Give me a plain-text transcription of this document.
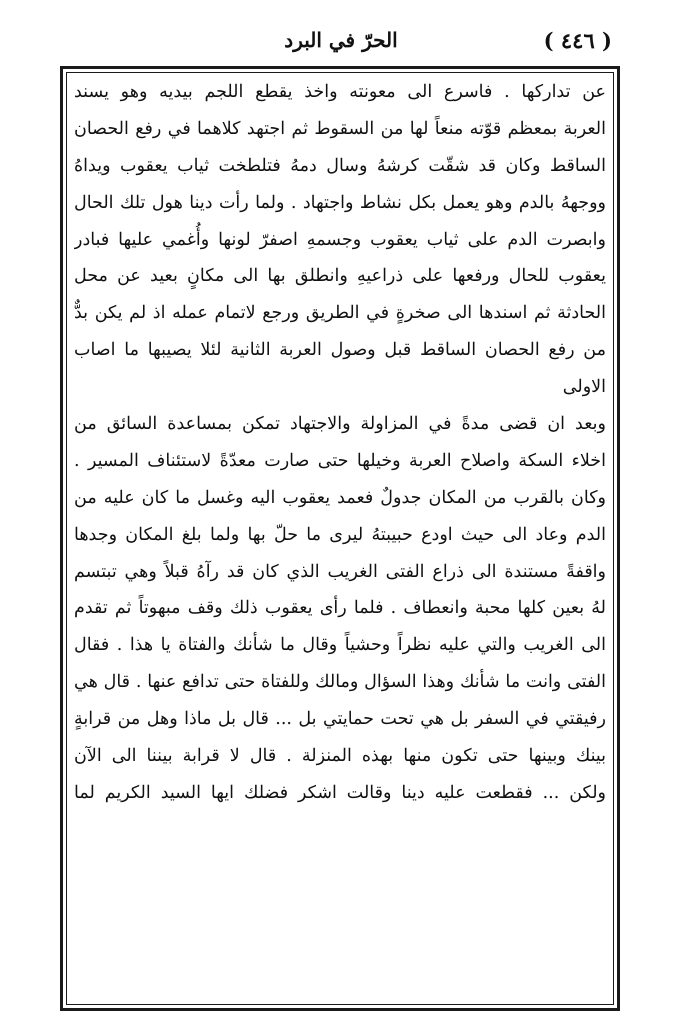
( ٤٤٦ )
الحرّ في البرد
عن تداركها . فاسرع الى معونته واخذ يقطع اللجم بيديه وهو يسند
العربة بمعظم قوّته منعاً لها من السقوط ثم اجتهد كلاهما في رفع الحصان
الساقط وكان قد شقّت كرشهُ وسال دمهُ فتلطخت ثياب يعقوب ويداهُ
ووجههُ بالدم وهو يعمل بكل نشاط واجتهاد . ولما رأت دينا هول تلك الحال
وابصرت الدم على ثياب يعقوب وجسمهِ اصفرّ لونها وأُغمي عليها فبادر
يعقوب للحال ورفعها على ذراعيهِ وانطلق بها الى مكانٍ بعيد عن محل
الحادثة ثم اسندها الى صخرةٍ في الطريق ورجع لاتمام عمله اذ لم يكن بدٌّ
من رفع الحصان الساقط قبل وصول العربة الثانية لئلا يصيبها ما اصاب
الاولى
وبعد ان قضى مدةً في المزاولة والاجتهاد تمكن بمساعدة السائق من
اخلاء السكة واصلاح العربة وخيلها حتى صارت معدّةً لاستئناف المسير .
وكان بالقرب من المكان جدولٌ فعمد يعقوب اليه وغسل ما كان عليه من
الدم وعاد الى حيث اودع حبيبتهُ ليرى ما حلّ بها ولما بلغ المكان وجدها
واقفةً مستندة الى ذراع الفتى الغريب الذي كان قد رآهُ قبلاً وهي تبتسم
لهُ بعين كلها محبة وانعطاف . فلما رأى يعقوب ذلك وقف مبهوتاً ثم تقدم
الى الغريب والتي عليه نظراً وحشياً وقال ما شأنك والفتاة يا هذا . فقال
الفتى وانت ما شأنك وهذا السؤال ومالك وللفتاة حتى تدافع عنها . قال هي
رفيقتي في السفر بل هي تحت حمايتي بل ... قال بل ماذا وهل من قرابةٍ
بينك وبينها حتى تكون منها بهذه المنزلة . قال لا قرابة بيننا الى الآن
ولكن ... فقطعت عليه دينا وقالت اشكر فضلك ايها السيد الكريم لما
